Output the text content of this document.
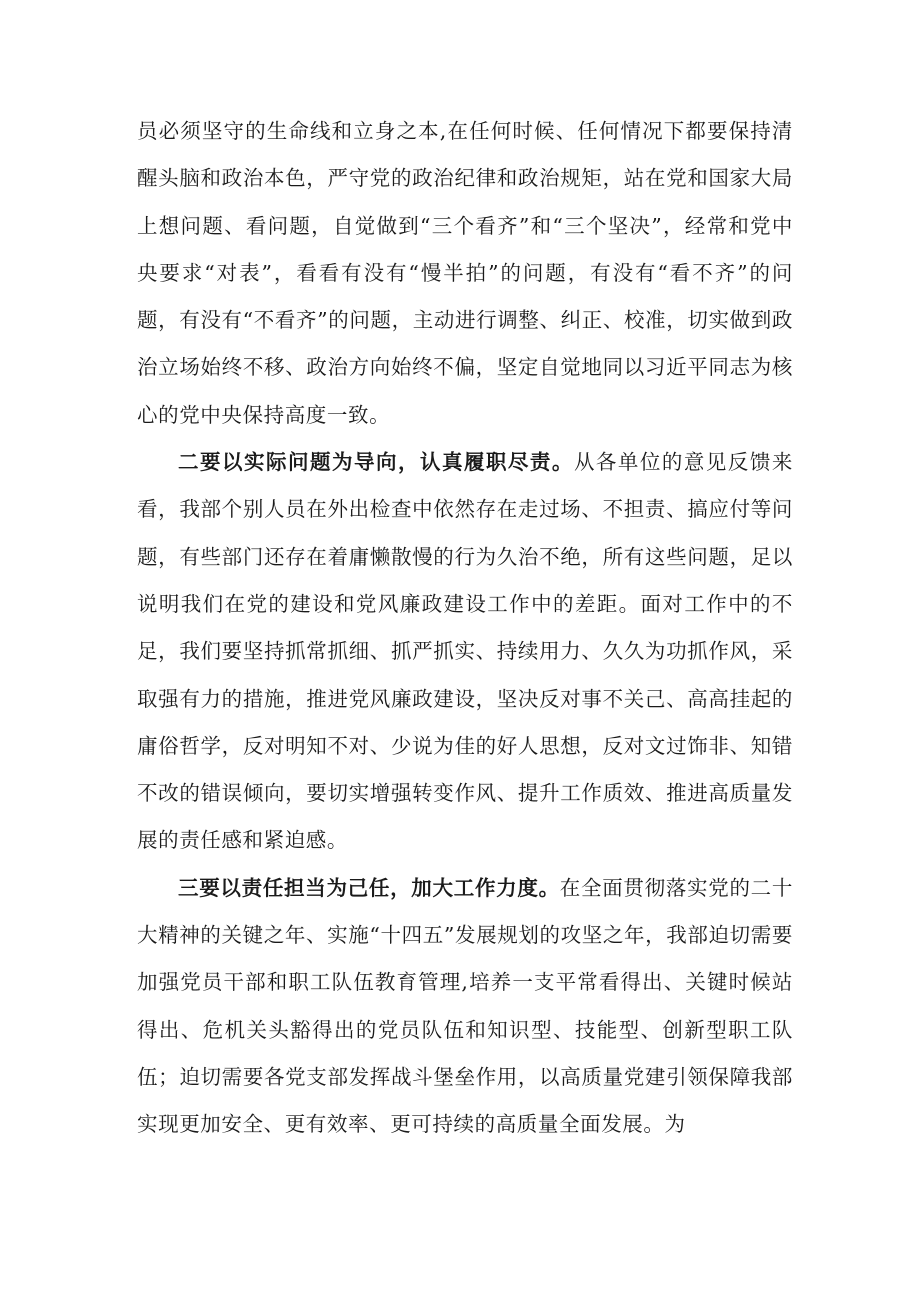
员必须坚守的生命线和立身之本,在任何时候、任何情况下都要保持清醒头脑和政治本色，严守党的政治纪律和政治规矩，站在党和国家大局上想问题、看问题，自觉做到“三个看齐”和“三个坚决”，经常和党中央要求“对表”，看看有没有“慢半拍”的问题，有没有“看不齐”的问题，有没有“不看齐”的问题，主动进行调整、纠正、校准，切实做到政治立场始终不移、政治方向始终不偏，坚定自觉地同以习近平同志为核心的党中央保持高度一致。

二要以实际问题为导向，认真履职尽责。从各单位的意见反馈来看，我部个别人员在外出检查中依然存在走过场、不担责、搞应付等问题，有些部门还存在着庸懒散慢的行为久治不绝，所有这些问题，足以说明我们在党的建设和党风廉政建设工作中的差距。面对工作中的不足，我们要坚持抓常抓细、抓严抓实、持续用力、久久为功抓作风，采取强有力的措施，推进党风廉政建设，坚决反对事不关己、高高挂起的庸俗哲学，反对明知不对、少说为佳的好人思想，反对文过饰非、知错不改的错误倾向，要切实增强转变作风、提升工作质效、推进高质量发展的责任感和紧迫感。

三要以责任担当为己任，加大工作力度。在全面贯彻落实党的二十大精神的关键之年、实施“十四五”发展规划的攻坚之年，我部迫切需要加强党员干部和职工队伍教育管理,培养一支平常看得出、关键时候站得出、危机关头豁得出的党员队伍和知识型、技能型、创新型职工队伍；迫切需要各党支部发挥战斗堡垒作用，以高质量党建引领保障我部实现更加安全、更有效率、更可持续的高质量全面发展。为
